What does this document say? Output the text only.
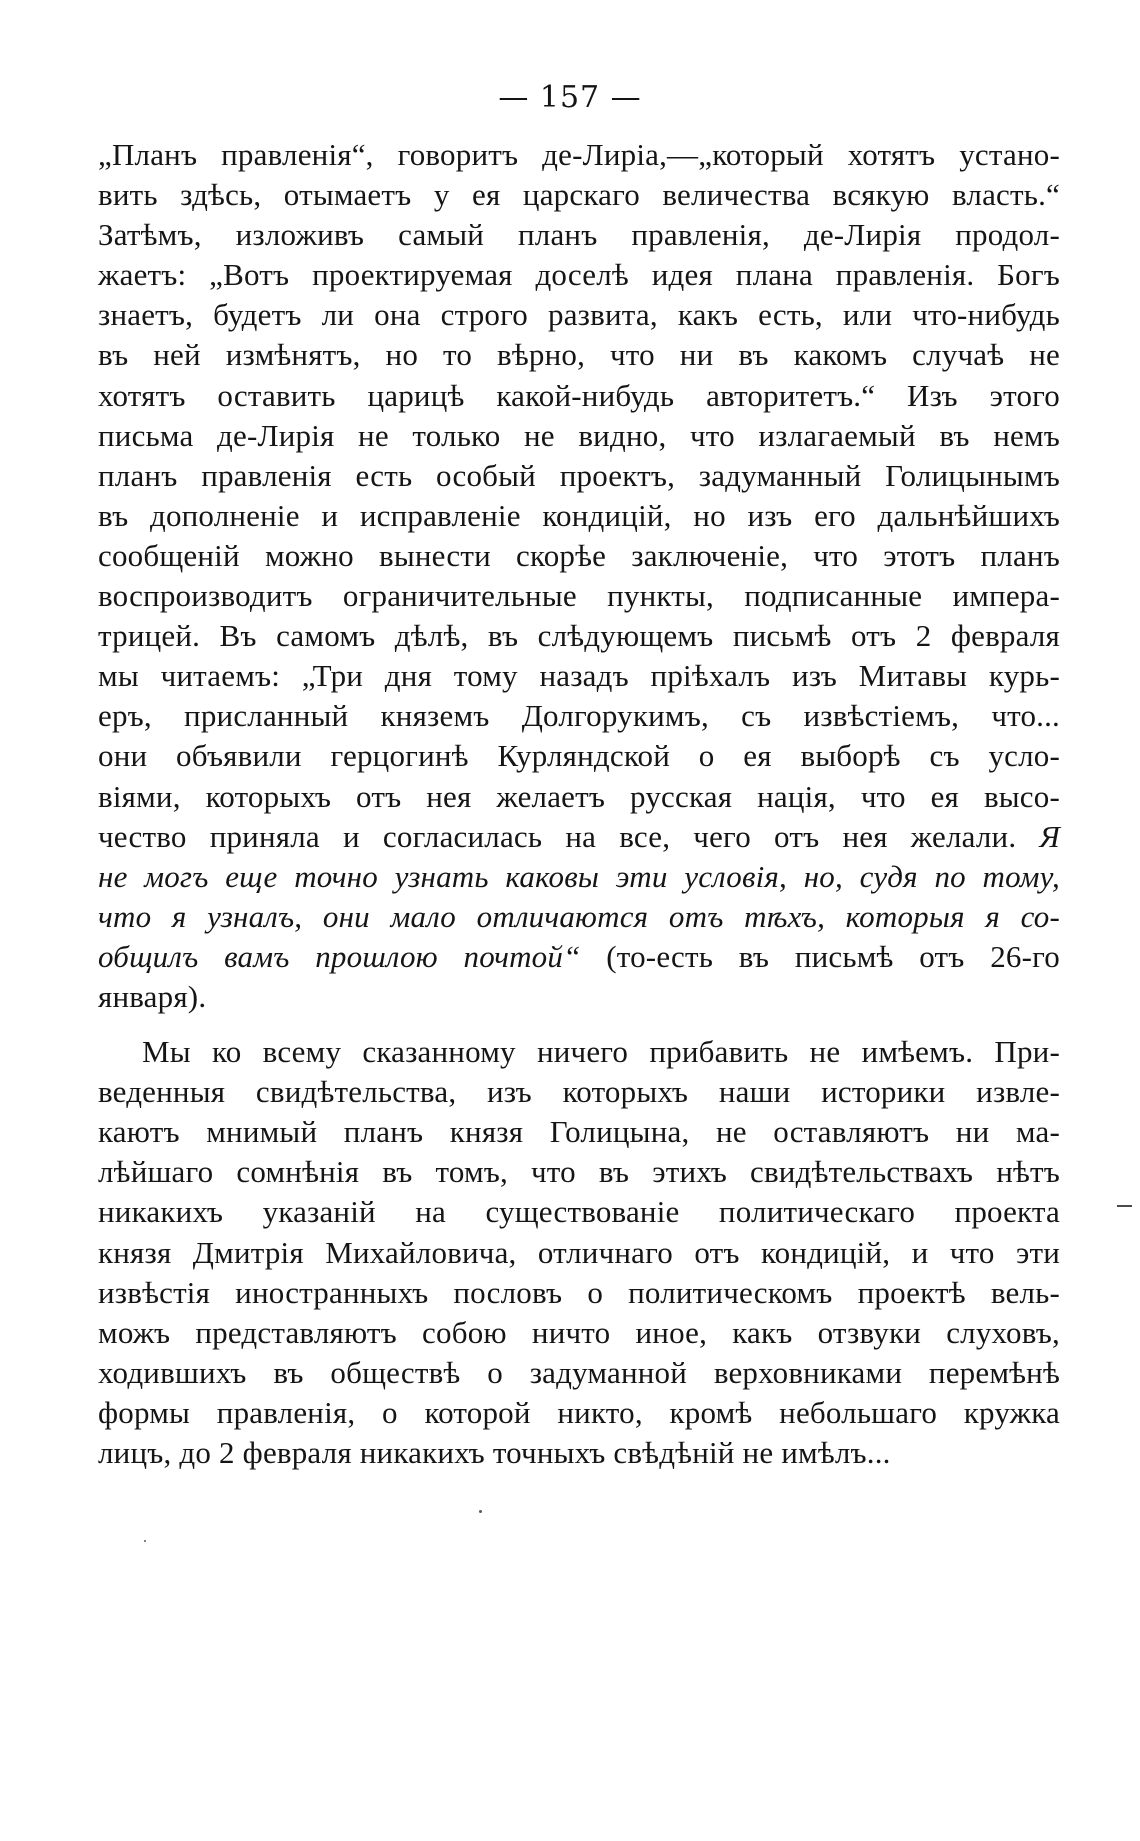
— 157 —
„Планъ правленія“, говоритъ де-Лиріа,—„который хотятъ устано-
вить здѣсь, отымаетъ у ея царскаго величества всякую власть.“
Затѣмъ, изложивъ самый планъ правленія, де-Лирія продол-
жаетъ: „Вотъ проектируемая доселѣ идея плана правленія. Богъ
знаетъ, будетъ ли она строго развита, какъ есть, или что-нибудь
въ ней измѣнятъ, но то вѣрно, что ни въ какомъ случаѣ не
хотятъ оставить царицѣ какой-нибудь авторитетъ.“ Изъ этого
письма де-Лирія не только не видно, что излагаемый въ немъ
планъ правленія есть особый проектъ, задуманный Голицынымъ
въ дополненіе и исправленіе кондицій, но изъ его дальнѣйшихъ
сообщеній можно вынести скорѣе заключеніе, что этотъ планъ
воспроизводитъ ограничительные пункты, подписанные импера-
трицей. Въ самомъ дѣлѣ, въ слѣдующемъ письмѣ отъ 2 февраля
мы читаемъ: „Три дня тому назадъ пріѣхалъ изъ Митавы курь-
еръ, присланный княземъ Долгорукимъ, съ извѣстіемъ, что...
они объявили герцогинѣ Курляндской о ея выборѣ съ усло-
віями, которыхъ отъ нея желаетъ русская нація, что ея высо-
чество приняла и согласилась на все, чего отъ нея желали. Я
не могъ еще точно узнать каковы эти условія, но, судя по тому,
что я узналъ, они мало отличаются отъ тѣхъ, которыя я со-
общилъ вамъ прошлою почтой“ (то-есть въ письмѣ отъ 26-го
января).
Мы ко всему сказанному ничего прибавить не имѣемъ. При-
веденныя свидѣтельства, изъ которыхъ наши историки извле-
каютъ мнимый планъ князя Голицына, не оставляютъ ни ма-
лѣйшаго сомнѣнія въ томъ, что въ этихъ свидѣтельствахъ нѣтъ
никакихъ указаній на существованіе политическаго проекта
князя Дмитрія Михайловича, отличнаго отъ кондицій, и что эти
извѣстія иностранныхъ пословъ о политическомъ проектѣ вель-
можъ представляютъ собою ничто иное, какъ отзвуки слуховъ,
ходившихъ въ обществѣ о задуманной верховниками перемѣнѣ
формы правленія, о которой никто, кромѣ небольшаго кружка
лицъ, до 2 февраля никакихъ точныхъ свѣдѣній не имѣлъ...
